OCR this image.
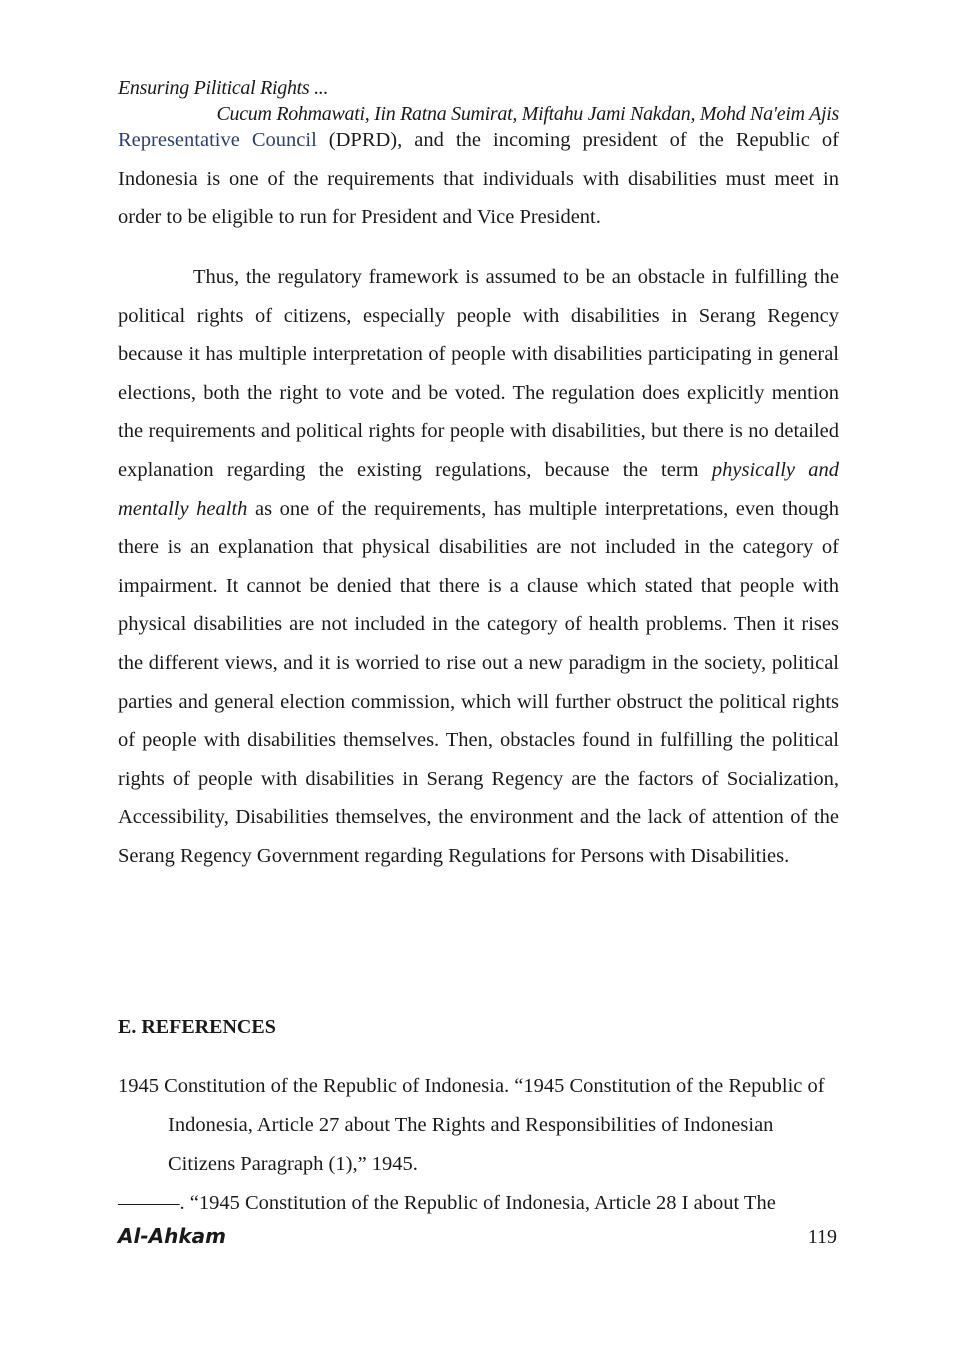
Ensuring Pilitical Rights ...
Cucum Rohmawati, Iin Ratna Sumirat, Miftahu Jami Nakdan, Mohd Na'eim Ajis

Representative Council (DPRD), and the incoming president of the Republic of Indonesia is one of the requirements that individuals with disabilities must meet in order to be eligible to run for President and Vice President.

Thus, the regulatory framework is assumed to be an obstacle in fulfilling the political rights of citizens, especially people with disabilities in Serang Regency because it has multiple interpretation of people with disabilities participating in general elections, both the right to vote and be voted. The regulation does explicitly mention the requirements and political rights for people with disabilities, but there is no detailed explanation regarding the existing regulations, because the term physically and mentally health as one of the requirements, has multiple interpretations, even though there is an explanation that physical disabilities are not included in the category of impairment. It cannot be denied that there is a clause which stated that people with physical disabilities are not included in the category of health problems. Then it rises the different views, and it is worried to rise out a new paradigm in the society, political parties and general election commission, which will further obstruct the political rights of people with disabilities themselves. Then, obstacles found in fulfilling the political rights of people with disabilities in Serang Regency are the factors of Socialization, Accessibility, Disabilities themselves, the environment and the lack of attention of the Serang Regency Government regarding Regulations for Persons with Disabilities.

E. REFERENCES

1945 Constitution of the Republic of Indonesia. “1945 Constitution of the Republic of Indonesia, Article 27 about The Rights and Responsibilities of Indonesian Citizens Paragraph (1),” 1945.

———. “1945 Constitution of the Republic of Indonesia, Article 28 I about The

Al-Ahkam	119
